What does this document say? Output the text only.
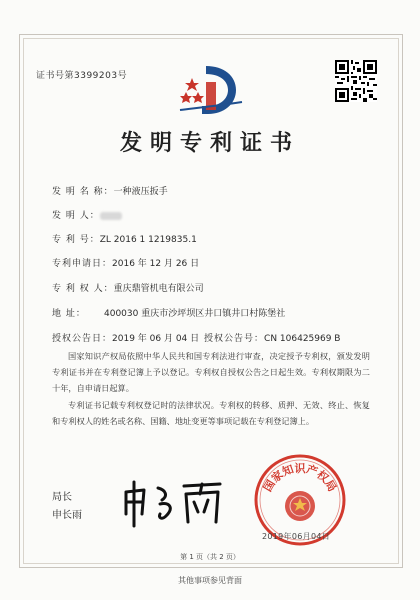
证书号第3399203号
发明专利证书
发 明 名 称：一种液压扳手
发 明 人：
专 利 号：ZL 2016 1 1219835.1
专利申请日：2016 年 12 月 26 日
专 利 权 人：重庆鼎管机电有限公司
地 址： 400030 重庆市沙坪坝区井口镇井口村陈堡社
授权公告日：2019 年 06 月 04 日 授权公告号：CN 106425969 B
国家知识产权局依照中华人民共和国专利法进行审查，决定授予专利权，颁发发明专利证书并在专利登记簿上予以登记。专利权自授权公告之日起生效。专利权期限为二十年，自申请日起算。
专利证书记载专利权登记时的法律状况。专利权的转移、质押、无效、终止、恢复和专利权人的姓名或名称、国籍、地址变更等事项记载在专利登记簿上。
局长
申长雨
国家知识产权局
2019年06月04日
第 1 页（共 2 页）
其他事项参见背面
